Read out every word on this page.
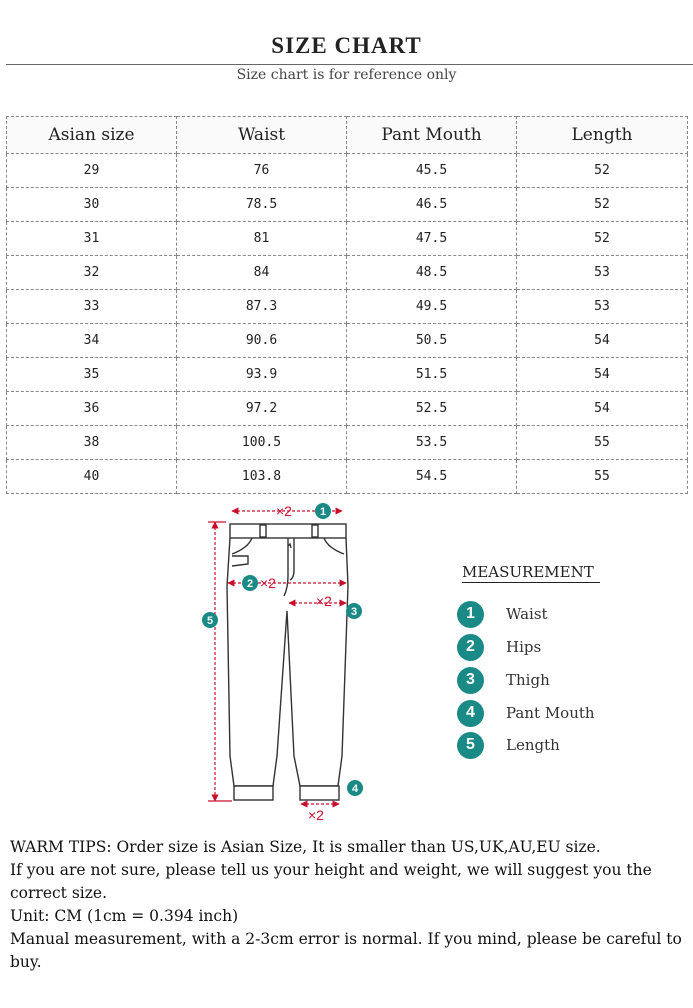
SIZE CHART
Size chart is for reference only
Asian size	Waist	Pant Mouth	Length
29	76	45.5	52
30	78.5	46.5	52
31	81	47.5	52
32	84	48.5	53
33	87.3	49.5	53
34	90.6	50.5	54
35	93.9	51.5	54
36	97.2	52.5	54
38	100.5	53.5	55
40	103.8	54.5	55
×2
×2
×2
×2
1
2
3
4
5
MEASUREMENT
1	Waist
2	Hips
3	Thigh
4	Pant Mouth
5	Length

WARM TIPS: Order size is Asian Size, It is smaller than US,UK,AU,EU size.

If you are not sure, please tell us your height and weight, we will suggest you the correct size.

Unit: CM (1cm = 0.394 inch)

Manual measurement, with a 2-3cm error is normal. If you mind, please be careful to buy.
